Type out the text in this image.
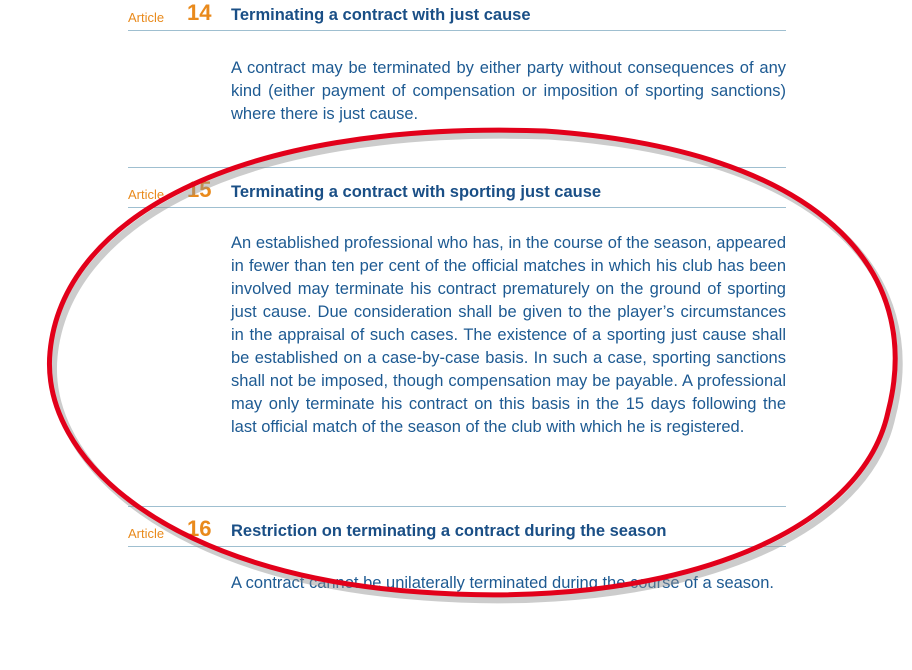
Article 14 Terminating a contract with just cause

A contract may be terminated by either party without consequences of any kind (either payment of compensation or imposition of sporting sanctions) where there is just cause.

Article 15 Terminating a contract with sporting just cause

An established professional who has, in the course of the season, appeared in fewer than ten per cent of the official matches in which his club has been involved may terminate his contract prematurely on the ground of sporting just cause. Due consideration shall be given to the player’s circumstances in the appraisal of such cases. The existence of a sporting just cause shall be established on a case-by-case basis. In such a case, sporting sanctions shall not be imposed, though compensation may be payable. A professional may only terminate his contract on this basis in the 15 days following the last official match of the season of the club with which he is registered.

Article 16 Restriction on terminating a contract during the season

A contract cannot be unilaterally terminated during the course of a season.
